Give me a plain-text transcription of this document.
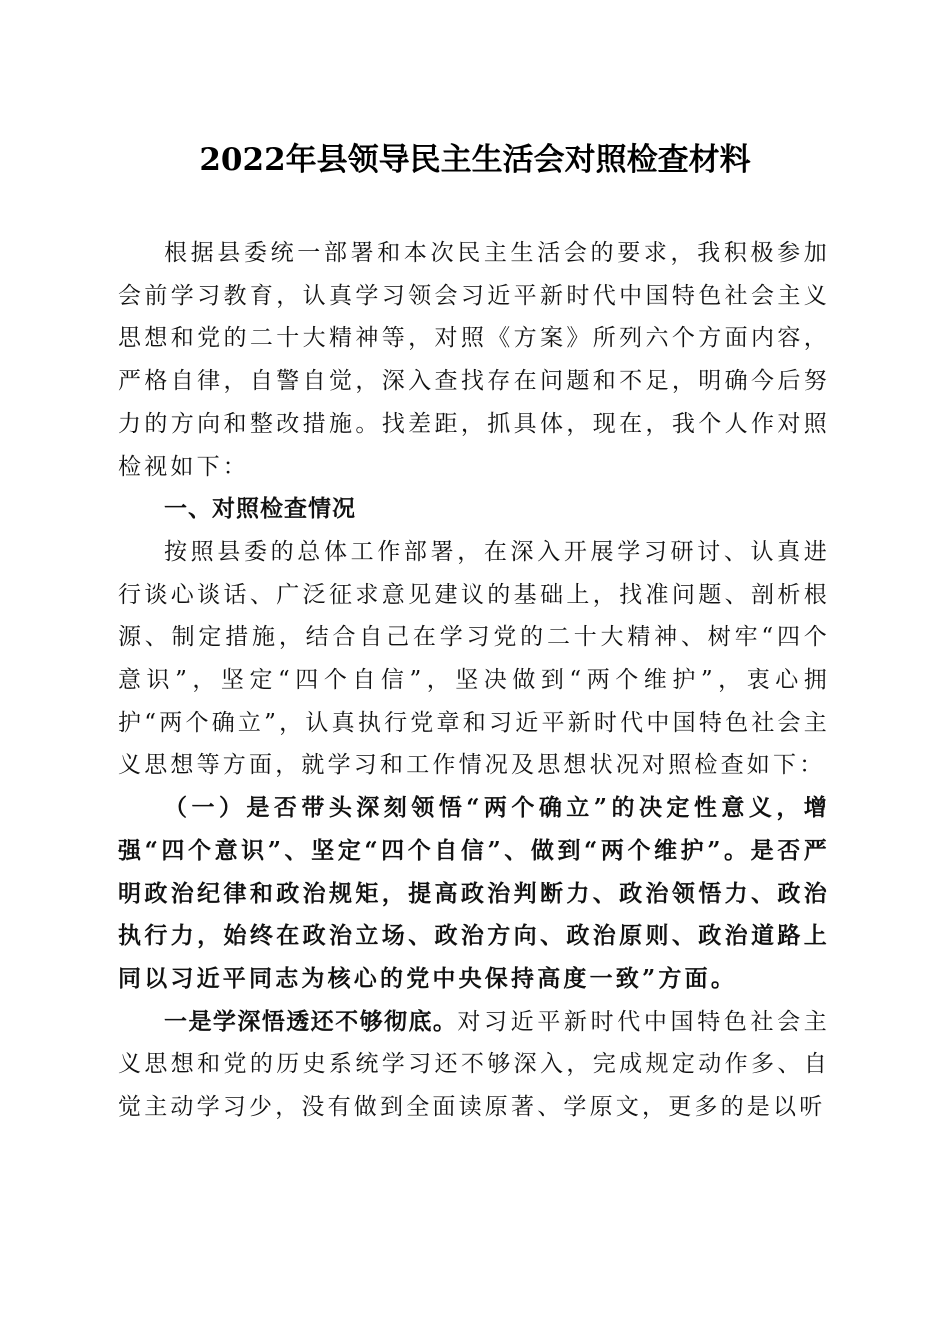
2022年县领导民主生活会对照检查材料

根据县委统一部署和本次民主生活会的要求，我积极参加会前学习教育，认真学习领会习近平新时代中国特色社会主义思想和党的二十大精神等，对照《方案》所列六个方面内容，严格自律，自警自觉，深入查找存在问题和不足，明确今后努力的方向和整改措施。找差距，抓具体，现在，我个人作对照检视如下：

一、对照检查情况

按照县委的总体工作部署，在深入开展学习研讨、认真进行谈心谈话、广泛征求意见建议的基础上，找准问题、剖析根源、制定措施，结合自己在学习党的二十大精神、树牢“四个意识”，坚定“四个自信”，坚决做到“两个维护”，衷心拥护“两个确立”，认真执行党章和习近平新时代中国特色社会主义思想等方面，就学习和工作情况及思想状况对照检查如下：

（一）是否带头深刻领悟“两个确立”的决定性意义，增强“四个意识”、坚定“四个自信”、做到“两个维护”。是否严明政治纪律和政治规矩，提高政治判断力、政治领悟力、政治执行力，始终在政治立场、政治方向、政治原则、政治道路上同以习近平同志为核心的党中央保持高度一致”方面。

一是学深悟透还不够彻底。对习近平新时代中国特色社会主义思想和党的历史系统学习还不够深入，完成规定动作多、自觉主动学习少，没有做到全面读原著、学原文，更多的是以听
